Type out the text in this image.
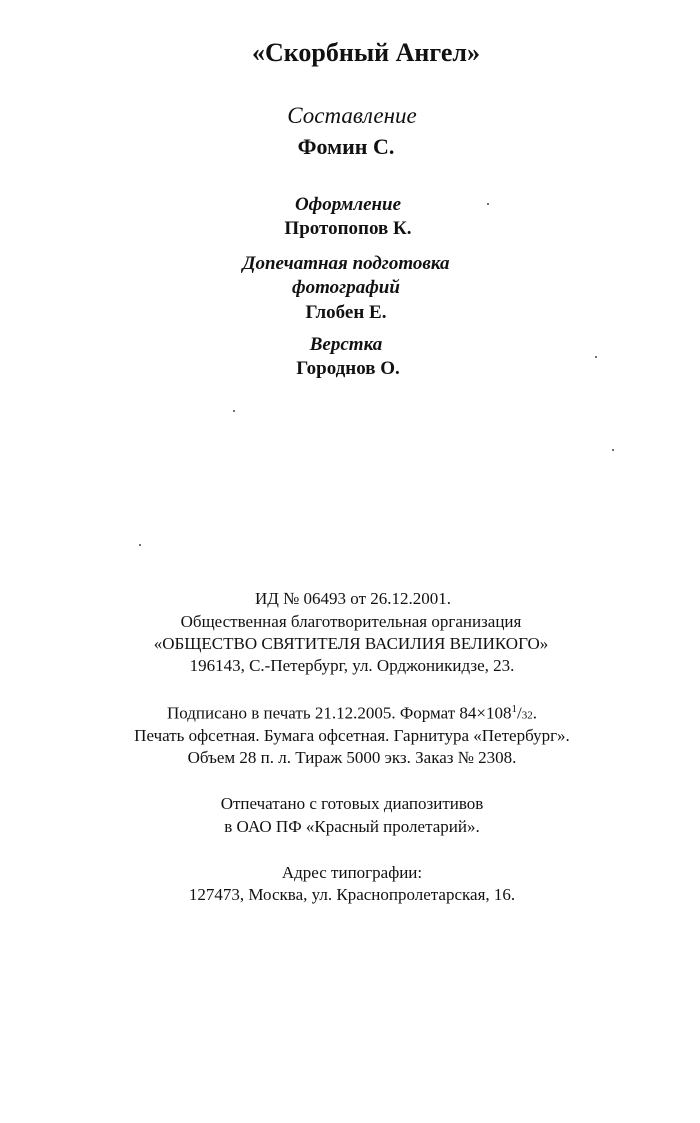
«Скорбный Ангел»
Составление
Фомин С.
Оформление
Протопопов К.
Допечатная подготовка
фотографий
Глобен Е.
Верстка
Городнов О.
ИД № 06493 от 26.12.2001.
Общественная благотворительная организация
«ОБЩЕСТВО СВЯТИТЕЛЯ ВАСИЛИЯ ВЕЛИКОГО»
196143, С.-Петербург, ул. Орджоникидзе, 23.
Подписано в печать 21.12.2005. Формат $84\times 108^1/32$.
Печать офсетная. Бумага офсетная. Гарнитура «Петербург».
Объем 28 п. л. Тираж 5000 экз. Заказ № 2308.
Отпечатано с готовых диапозитивов
в ОАО ПФ «Красный пролетарий».
Адрес типографии:
127473, Москва, ул. Краснопролетарская, 16.
